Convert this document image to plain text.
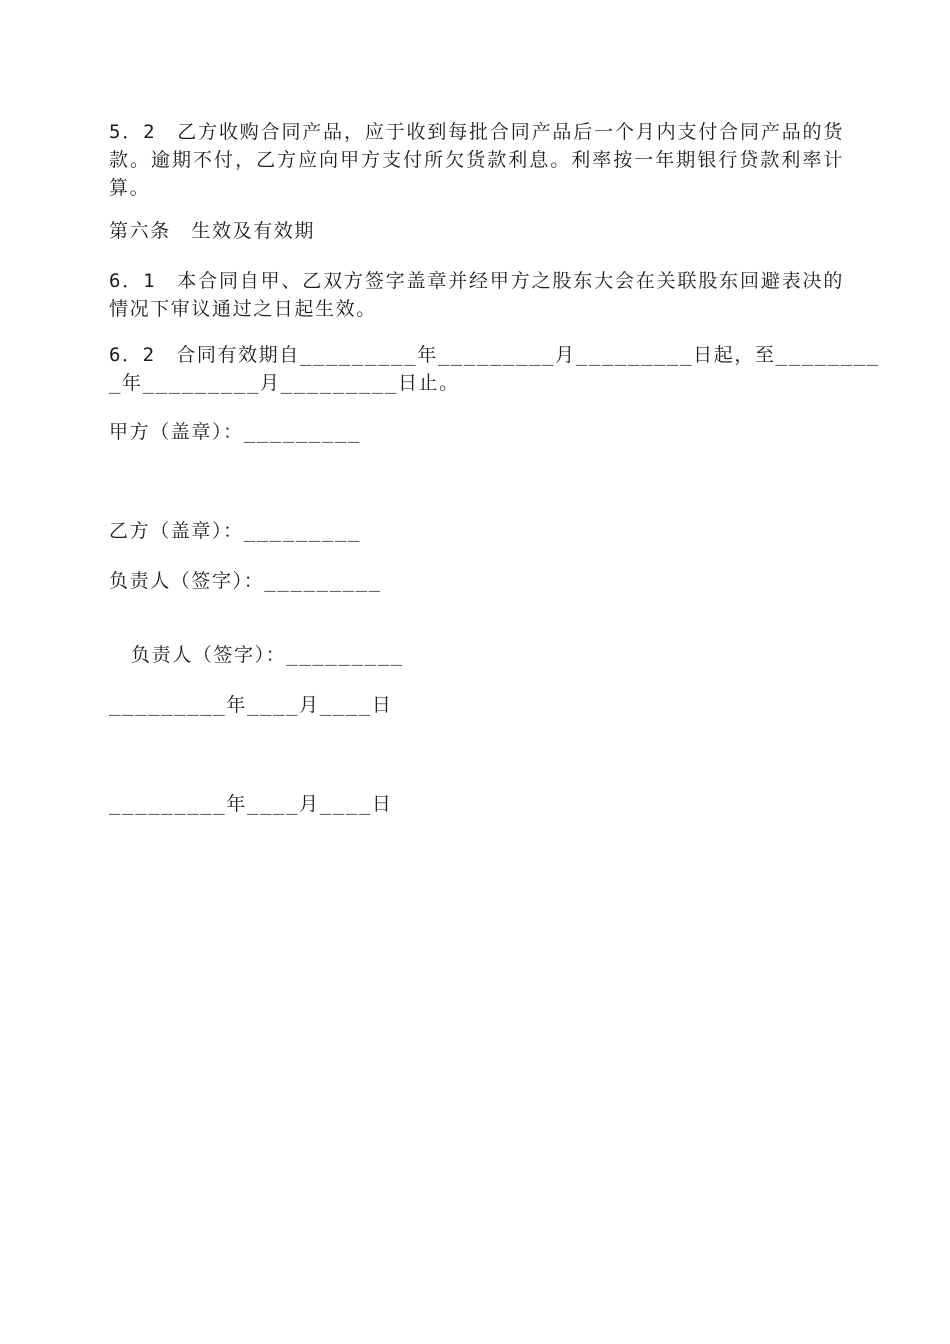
5．2　乙方收购合同产品，应于收到每批合同产品后一个月内支付合同产品的货款。逾期不付，乙方应向甲方支付所欠货款利息。利率按一年期银行贷款利率计算。
第六条　生效及有效期
6．1　本合同自甲、乙双方签字盖章并经甲方之股东大会在关联股东回避表决的情况下审议通过之日起生效。
6．2　合同有效期自_________年_________月_________日起，至________
_年_________月_________日止。
甲方（盖章）：_________
乙方（盖章）：_________
负责人（签字）：_________
负责人（签字）：_________
_________年____月____日
_________年____月____日
